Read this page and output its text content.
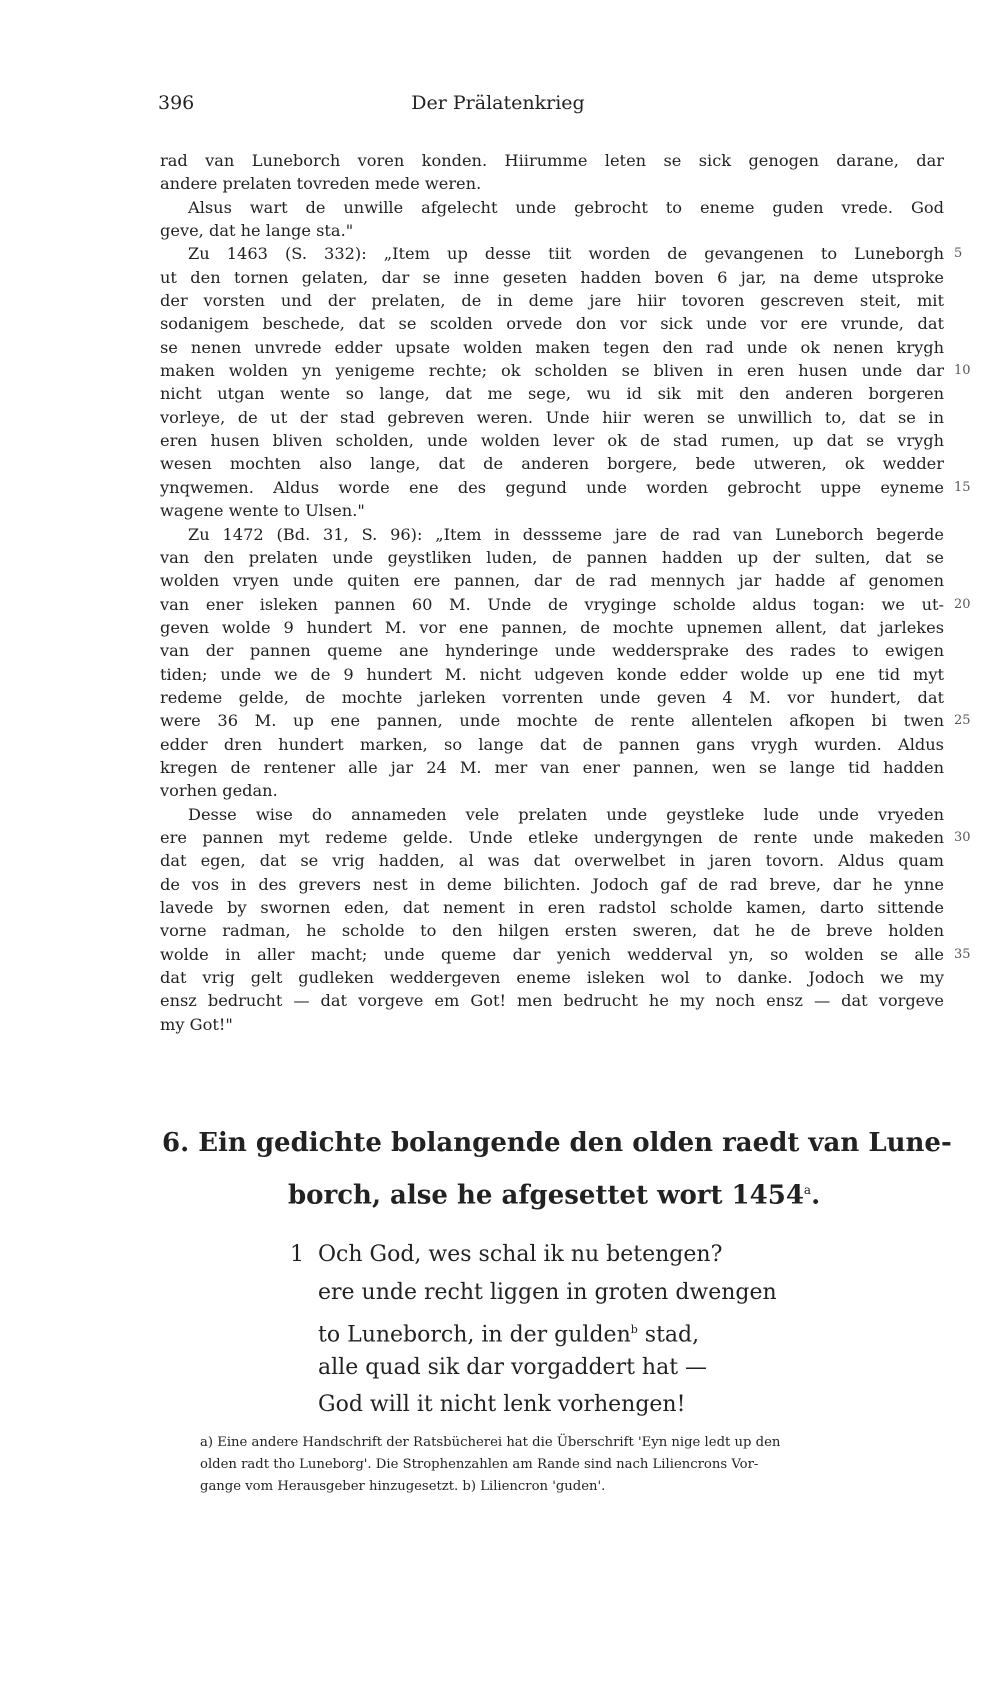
396	Der Prälatenkrieg
rad van Luneborch voren konden. Hiirumme leten se sick genogen darane, dar
andere prelaten tovreden mede weren.
Alsus wart de unwille afgelecht unde gebrocht to eneme guden vrede. God
geve, dat he lange sta."
Zu 1463 (S. 332): „Item up desse tiit worden de gevangenen to Luneborgh 5
ut den tornen gelaten, dar se inne geseten hadden boven 6 jar, na deme utsproke
der vorsten und der prelaten, de in deme jare hiir tovoren gescreven steit, mit
sodanigem beschede, dat se scolden orvede don vor sick unde vor ere vrunde, dat
se nenen unvrede edder upsate wolden maken tegen den rad unde ok nenen krygh
maken wolden yn yenigeme rechte; ok scholden se bliven in eren husen unde dar 10
nicht utgan wente so lange, dat me sege, wu id sik mit den anderen borgeren
vorleye, de ut der stad gebreven weren. Unde hiir weren se unwillich to, dat se in
eren husen bliven scholden, unde wolden lever ok de stad rumen, up dat se vrygh
wesen mochten also lange, dat de anderen borgere, bede utweren, ok wedder
ynqwemen. Aldus worde ene des gegund unde worden gebrocht uppe eyneme 15
wagene wente to Ulsen."
Zu 1472 (Bd. 31, S. 96): „Item in dessseme jare de rad van Luneborch begerde
van den prelaten unde geystliken luden, de pannen hadden up der sulten, dat se
wolden vryen unde quiten ere pannen, dar de rad mennych jar hadde af genomen
van ener isleken pannen 60 M. Unde de vryginge scholde aldus togan: we ut- 20
geven wolde 9 hundert M. vor ene pannen, de mochte upnemen allent, dat jarlekes
van der pannen queme ane hynderinge unde weddersprake des rades to ewigen
tiden; unde we de 9 hundert M. nicht udgeven konde edder wolde up ene tid myt
redeme gelde, de mochte jarleken vorrenten unde geven 4 M. vor hundert, dat
were 36 M. up ene pannen, unde mochte de rente allentelen afkopen bi twen 25
edder dren hundert marken, so lange dat de pannen gans vrygh wurden. Aldus
kregen de rentener alle jar 24 M. mer van ener pannen, wen se lange tid hadden
vorhen gedan.
Desse wise do annameden vele prelaten unde geystleke lude unde vryeden
ere pannen myt redeme gelde. Unde etleke undergyngen de rente unde makeden 30
dat egen, dat se vrig hadden, al was dat overwelbet in jaren tovorn. Aldus quam
de vos in des grevers nest in deme bilichten. Jodoch gaf de rad breve, dar he ynne
lavede by swornen eden, dat nement in eren radstol scholde kamen, darto sittende
vorne radman, he scholde to den hilgen ersten sweren, dat he de breve holden
wolde in aller macht; unde queme dar yenich wedderval yn, so wolden se alle 35
dat vrig gelt gudleken weddergeven eneme isleken wol to danke. Jodoch we my
ensz bedrucht — dat vorgeve em Got! men bedrucht he my noch ensz — dat vorgeve
my Got!"
6. Ein gedichte bolangende den olden raedt van Lune-
borch, alse he afgesettet wort 1454$^a$.
1 Och God, wes schal ik nu betengen?
ere unde recht liggen in groten dwengen
to Luneborch, in der gulden$^b$ stad,
alle quad sik dar vorgaddert hat —
God will it nicht lenk vorhengen!
a) Eine andere Handschrift der Ratsbücherei hat die Überschrift 'Eyn nige ledt up den
olden radt tho Luneborg'. Die Strophenzahlen am Rande sind nach Liliencrons Vor-
gange vom Herausgeber hinzugesetzt. b) Liliencron 'guden'.
